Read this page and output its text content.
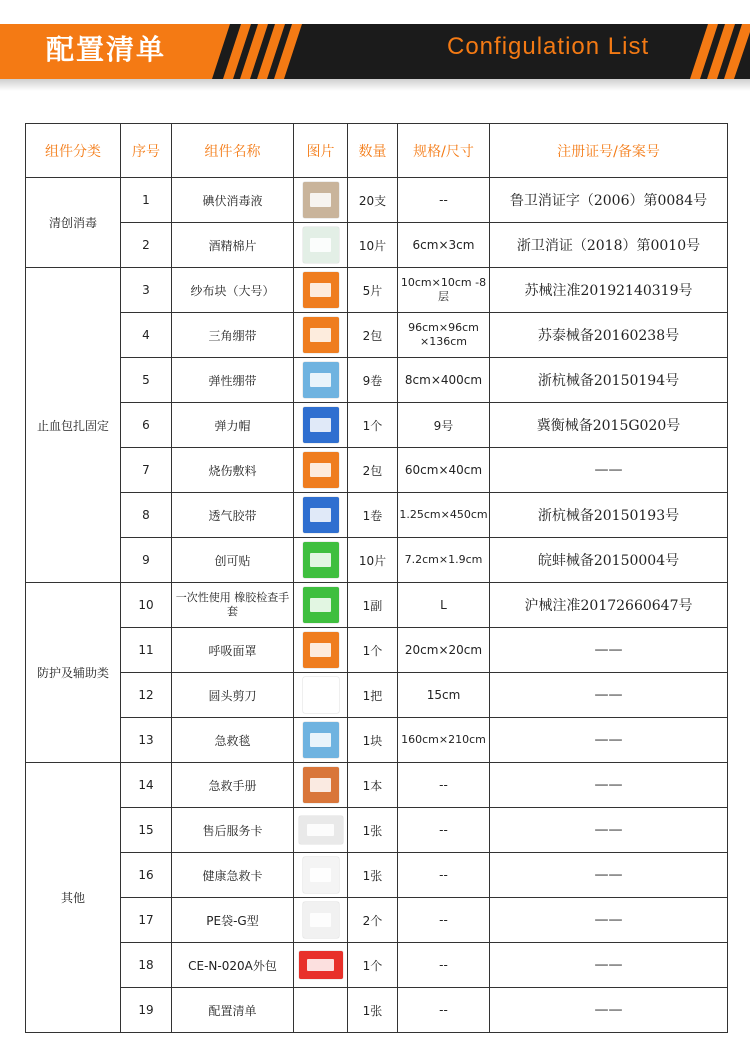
配置清单	Configulation List
组件分类	序号	组件名称	图片	数量	规格/尺寸	注册证号/备案号
清创消毒	1	碘伏消毒液		20支	--	鲁卫消证字（2006）第0084号
	2	酒精棉片		10片	6cm×3cm	浙卫消证（2018）第0010号
止血包扎固定	3	纱布块（大号）		5片	10cm×10cm -8层	苏械注准20192140319号
	4	三角绷带		2包	96cm×96cm ×136cm	苏泰械备20160238号
	5	弹性绷带		9卷	8cm×400cm	浙杭械备20150194号
	6	弹力帽		1个	9号	冀衡械备2015G020号
	7	烧伤敷料		2包	60cm×40cm	——
	8	透气胶带		1卷	1.25cm×450cm	浙杭械备20150193号
	9	创可贴		10片	7.2cm×1.9cm	皖蚌械备20150004号
防护及辅助类	10	一次性使用 橡胶检查手套		1副	L	沪械注准20172660647号
	11	呼吸面罩		1个	20cm×20cm	——
	12	圆头剪刀		1把	15cm	——
	13	急救毯		1块	160cm×210cm	——
其他	14	急救手册		1本	--	——
	15	售后服务卡		1张	--	——
	16	健康急救卡		1张	--	——
	17	PE袋-G型		2个	--	——
	18	CE-N-020A外包		1个	--	——
	19	配置清单		1张	--	——
